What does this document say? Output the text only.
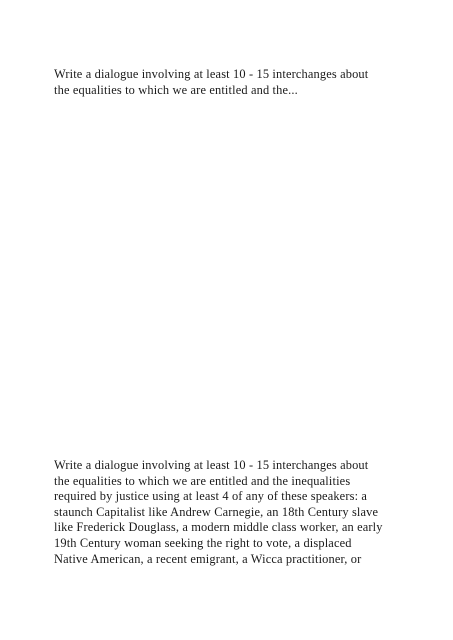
Write a dialogue involving at least 10 - 15 interchanges about
the equalities to which we are entitled and the...
Write a dialogue involving at least 10 - 15 interchanges about
the equalities to which we are entitled and the inequalities
required by justice using at least 4 of any of these speakers: a
staunch Capitalist like Andrew Carnegie, an 18th Century slave
like Frederick Douglass, a modern middle class worker, an early
19th Century woman seeking the right to vote, a displaced
Native American, a recent emigrant, a Wicca practitioner, or
